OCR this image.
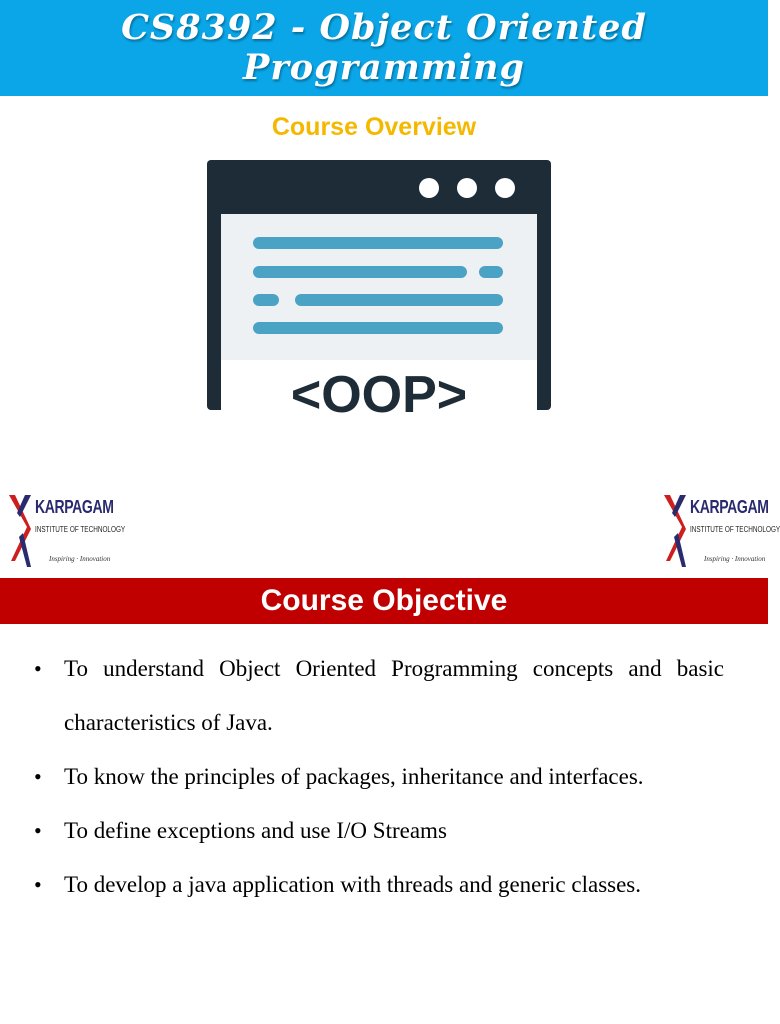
CS8392 - Object Oriented Programming
Course Overview
<OOP>
KARPAGAM
INSTITUTE OF TECHNOLOGY
Inspiring · Innovation
KARPAGAM
INSTITUTE OF TECHNOLOGY
Inspiring · Innovation
Course Objective
• To understand Object Oriented Programming concepts and basic characteristics of Java.
• To know the principles of packages, inheritance and interfaces.
• To define exceptions and use I/O Streams
• To develop a java application with threads and generic classes.
